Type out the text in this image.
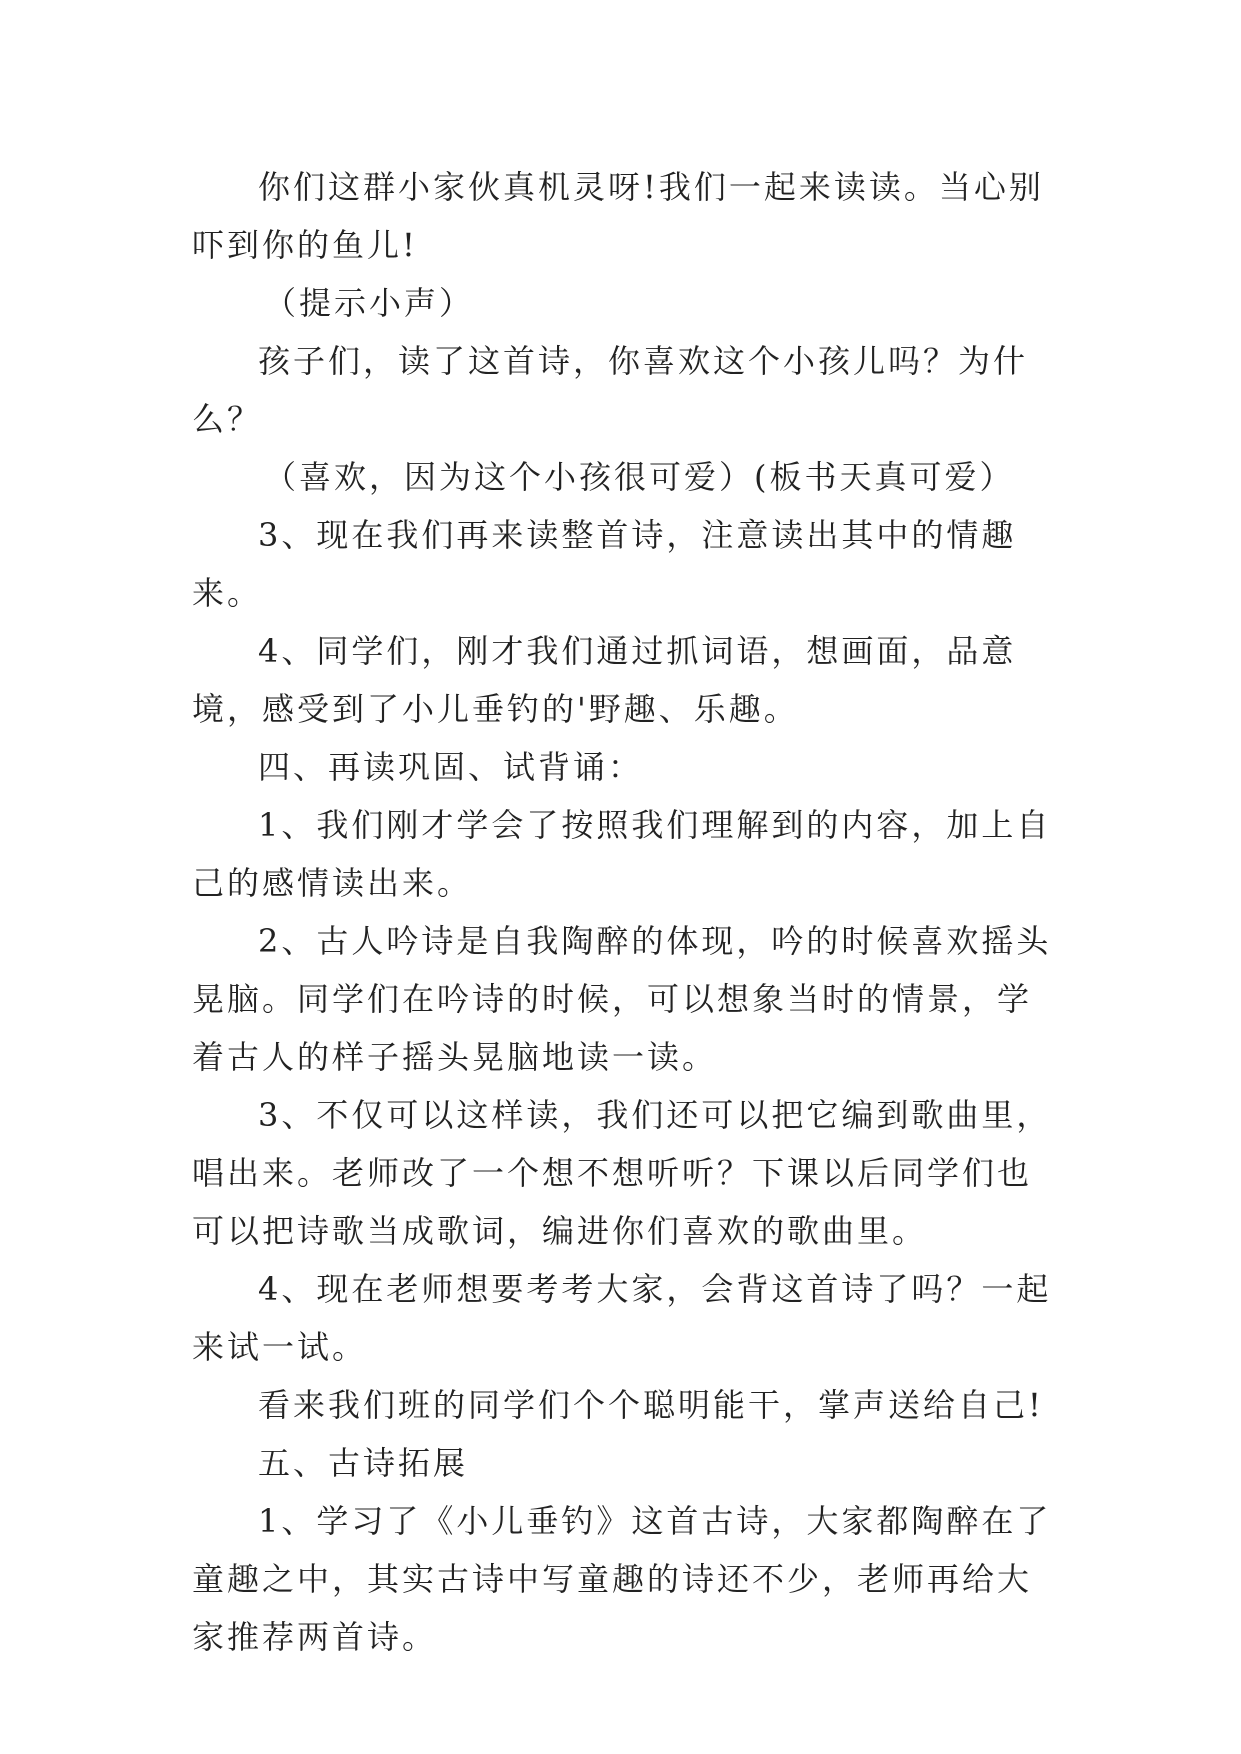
你们这群小家伙真机灵呀!我们一起来读读。当心别吓到你的鱼儿!

（提示小声）

孩子们，读了这首诗，你喜欢这个小孩儿吗？为什么？

（喜欢，因为这个小孩很可爱）(板书天真可爱）

3、现在我们再来读整首诗，注意读出其中的情趣来。

4、同学们，刚才我们通过抓词语，想画面，品意境，感受到了小儿垂钓的'野趣、乐趣。

四、再读巩固、试背诵：

1、我们刚才学会了按照我们理解到的内容，加上自己的感情读出来。

2、古人吟诗是自我陶醉的体现，吟的时候喜欢摇头晃脑。同学们在吟诗的时候，可以想象当时的情景，学着古人的样子摇头晃脑地读一读。

3、不仅可以这样读，我们还可以把它编到歌曲里，唱出来。老师改了一个想不想听听？下课以后同学们也可以把诗歌当成歌词，编进你们喜欢的歌曲里。

4、现在老师想要考考大家，会背这首诗了吗？一起来试一试。

看来我们班的同学们个个聪明能干，掌声送给自己!

五、古诗拓展

1、学习了《小儿垂钓》这首古诗，大家都陶醉在了童趣之中，其实古诗中写童趣的诗还不少，老师再给大家推荐两首诗。
